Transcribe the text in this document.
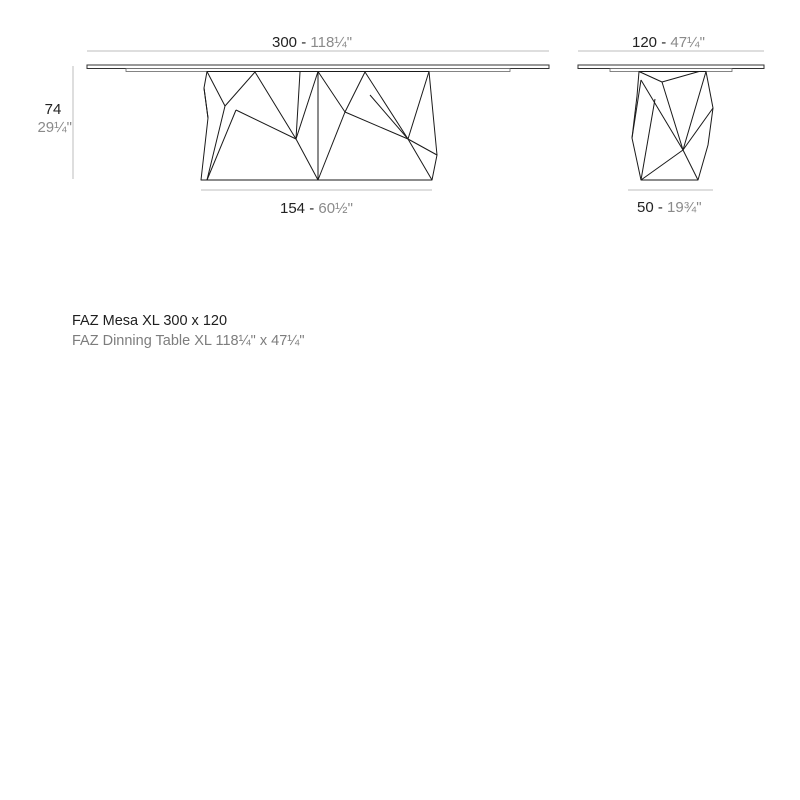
300 - 118¼"	120 - 47¼"
74
29¼"
154 - 60½"	50 - 19¾"
FAZ Mesa XL 300 x 120
FAZ Dinning Table XL 118¼" x 47¼"
